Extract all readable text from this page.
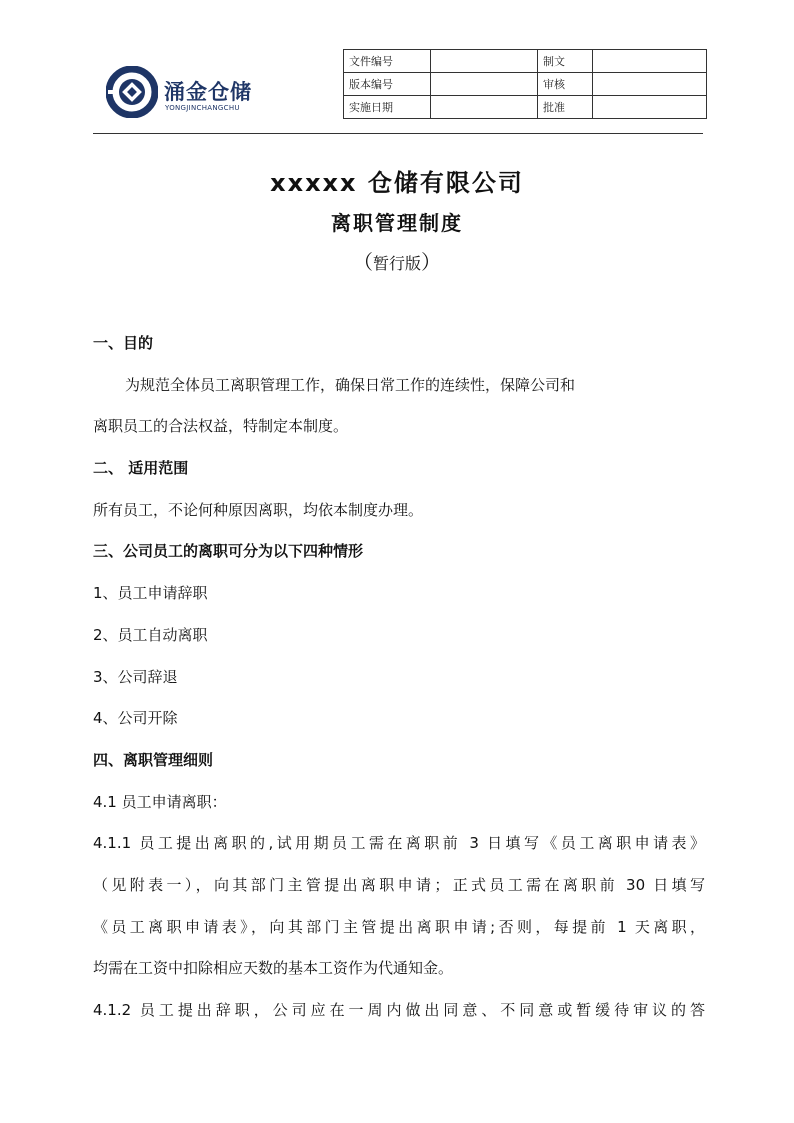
涌金仓储
YONGJINCHANGCHU
文件编号		制文	
版本编号		审核	
实施日期		批准	
xxxxx 仓储有限公司
离职管理制度
（暂行版）
一、目的
为规范全体员工离职管理工作，确保日常工作的连续性，保障公司和
离职员工的合法权益，特制定本制度。
二、 适用范围
所有员工，不论何种原因离职，均依本制度办理。
三、公司员工的离职可分为以下四种情形
1、员工申请辞职
2、员工自动离职
3、公司辞退
4、公司开除
四、离职管理细则
4.1 员工申请离职：
4.1.1 员工提出离职的,试用期员工需在离职前 3 日填写《员工离职申请表》
（见附表一），向其部门主管提出离职申请；正式员工需在离职前 30 日填写
《员工离职申请表》，向其部门主管提出离职申请;否则，每提前 1 天离职，
均需在工资中扣除相应天数的基本工资作为代通知金。
4.1.2 员工提出辞职，公司应在一周内做出同意、不同意或暂缓待审议的答
